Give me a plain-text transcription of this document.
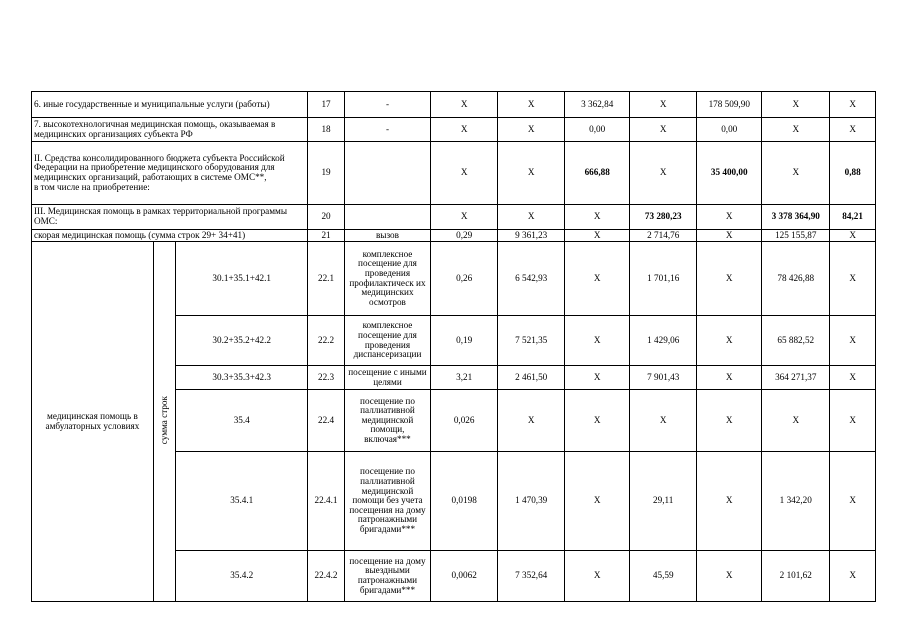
6. иные государственные и муниципальные услуги (работы)			17	-	Х	Х	3 362,84	Х	178 509,90	Х	Х
7. высокотехнологичная медицинская помощь, оказываемая в медицинских организациях субъекта РФ			18	-	Х	Х	0,00	Х	0,00	Х	Х

II. Средства консолидированного бюджета субъекта Российской Федерации на приобретение медицинского оборудования для медицинских организаций, работающих в системе ОМС**,
в том числе на приобретение:			19		Х	Х	666,88	Х	35 400,00	Х	0,88
III. Медицинская помощь в рамках территориальной программы ОМС:			20		Х	Х	Х	73 280,23	Х	3 378 364,90	84,21
скорая медицинская помощь (сумма строк 29+ 34+41)			21	вызов	0,29	9 361,23	Х	2 714,76	Х	125 155,87	Х
медицинская помощь в амбулаторных условиях	сумма строк	30.1+35.1+42.1	22.1	комплексное посещение для проведения профилактическ их медицинских осмотров	0,26	6 542,93	Х	1 701,16	Х	78 426,88	Х
		30.2+35.2+42.2	22.2	комплексное посещение для проведения диспансеризации	0,19	7 521,35	Х	1 429,06	Х	65 882,52	Х
		30.3+35.3+42.3	22.3	посещение с иными целями	3,21	2 461,50	Х	7 901,43	Х	364 271,37	Х
		35.4	22.4	посещение по паллиативной медицинской помощи, включая***	0,026	Х	Х	Х	Х	Х	Х
		35.4.1	22.4.1	посещение по паллиативной медицинской помощи без учета посещения на дому патронажными бригадами***	0,0198	1 470,39	Х	29,11	Х	1 342,20	Х
		35.4.2	22.4.2	посещение на дому выездными патронажными бригадами***	0,0062	7 352,64	Х	45,59	Х	2 101,62	Х
